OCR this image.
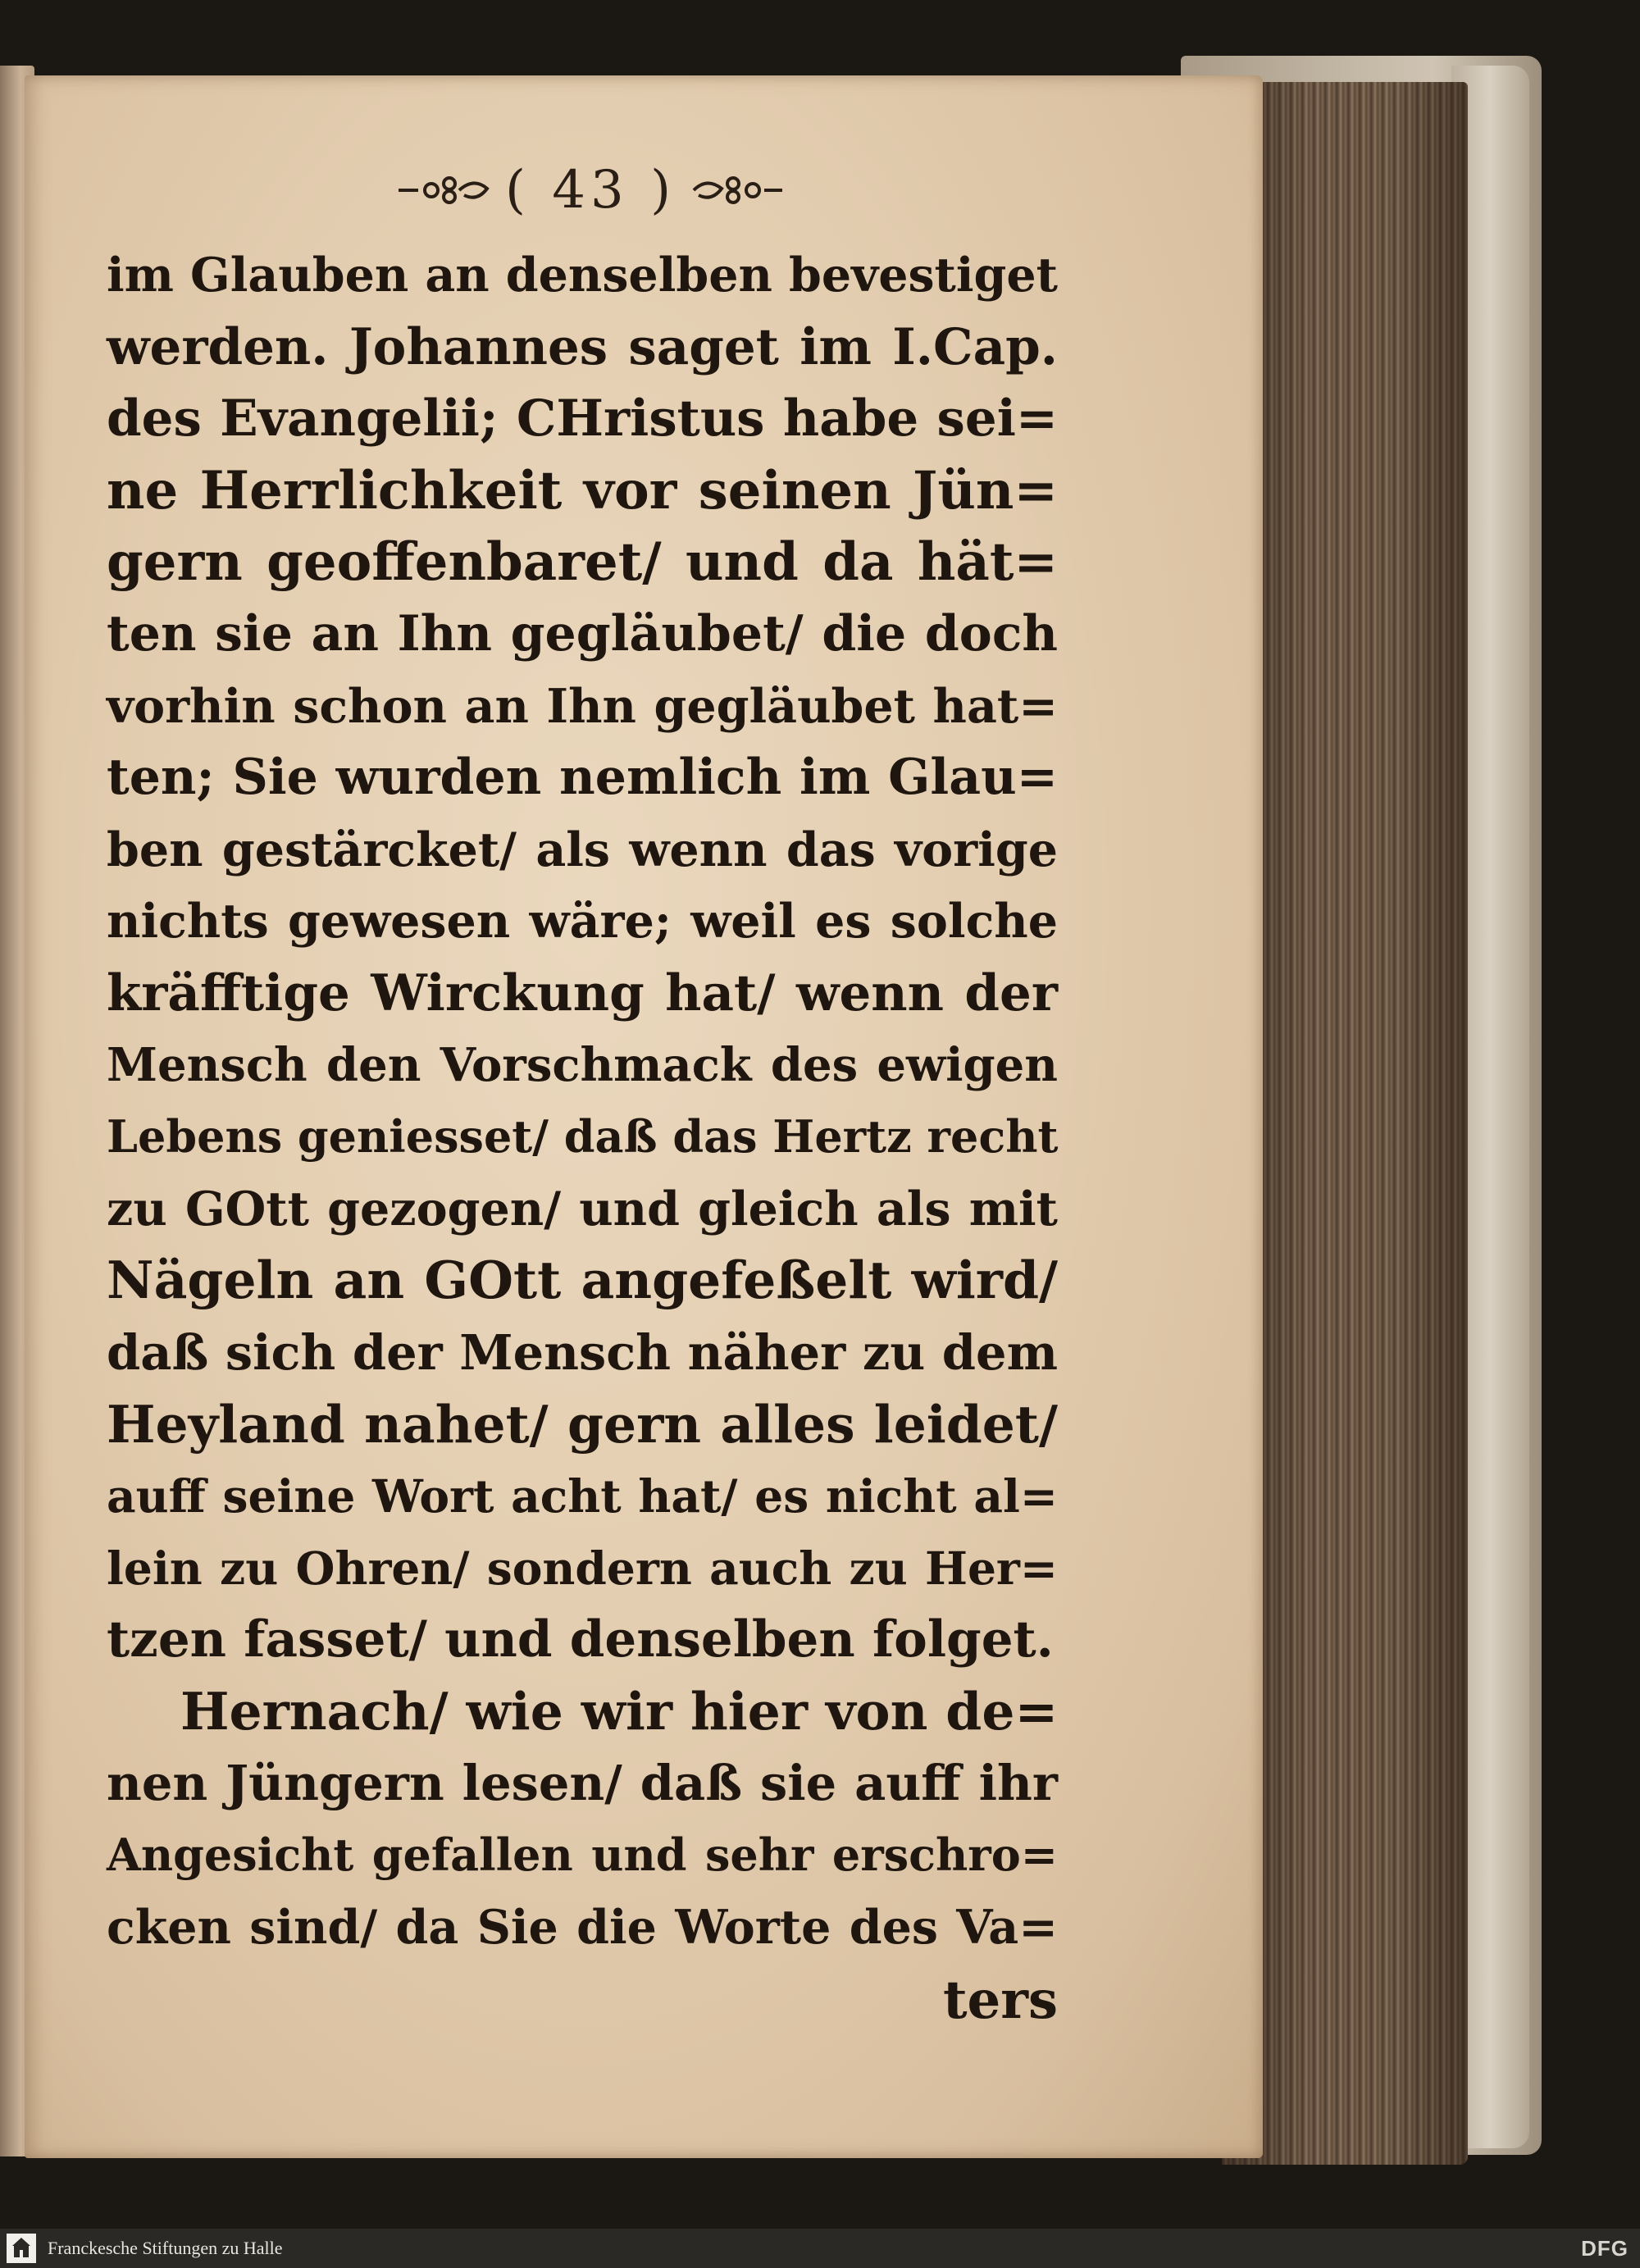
( 43 )
im Glauben an denselben bevestiget
werden. Johannes saget im I.Cap.
des Evangelii; CHristus habe sei=
ne Herrlichkeit vor seinen Jün=
gern geoffenbaret/ und da hät=
ten sie an Ihn gegläubet/ die doch
vorhin schon an Ihn gegläubet hat=
ten; Sie wurden nemlich im Glau=
ben gestärcket/ als wenn das vorige
nichts gewesen wäre; weil es solche
kräfftige Wirckung hat/ wenn der
Mensch den Vorschmack des ewigen
Lebens geniesset/ daß das Hertz recht
zu GOtt gezogen/ und gleich als mit
Nägeln an GOtt angefeßelt wird/
daß sich der Mensch näher zu dem
Heyland nahet/ gern alles leidet/
auff seine Wort acht hat/ es nicht al=
lein zu Ohren/ sondern auch zu Her=
tzen fasset/ und denselben folget.
Hernach/ wie wir hier von de=
nen Jüngern lesen/ daß sie auff ihr
Angesicht gefallen und sehr erschro=
cken sind/ da Sie die Worte des Va=
ters
Franckesche Stiftungen zu Halle	DFG
